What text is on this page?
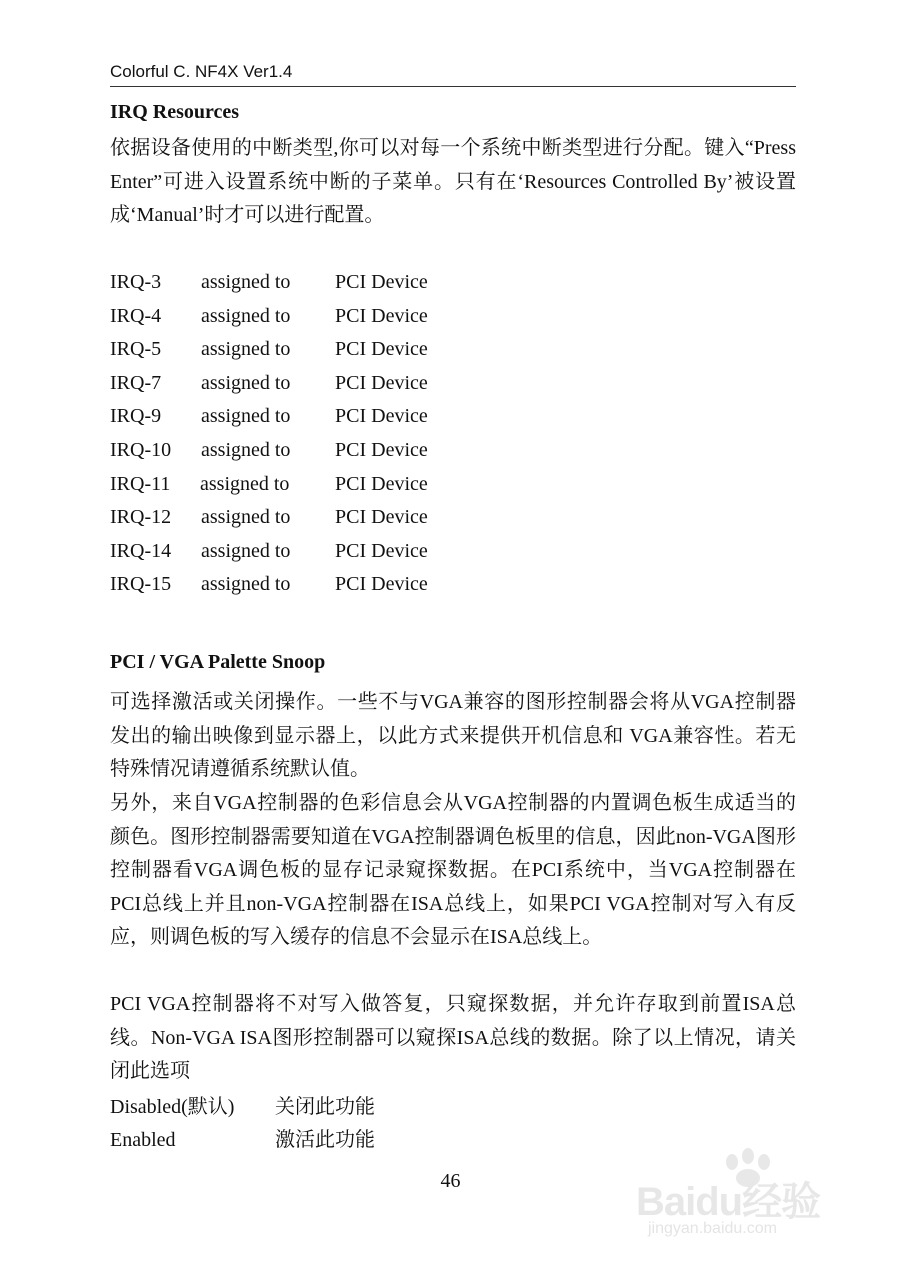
Colorful C. NF4X Ver1.4
IRQ Resources
依据设备使用的中断类型,你可以对每一个系统中断类型进行分配。键入“Press Enter”可进入设置系统中断的子菜单。只有在‘Resources Controlled By’被设置成‘Manual’时才可以进行配置。
IRQ-3 assigned to PCI Device
IRQ-4 assigned to PCI Device
IRQ-5 assigned to PCI Device
IRQ-7 assigned to PCI Device
IRQ-9 assigned to PCI Device
IRQ-10 assigned to PCI Device
IRQ-11 assigned to PCI Device
IRQ-12 assigned to PCI Device
IRQ-14 assigned to PCI Device
IRQ-15 assigned to PCI Device
PCI / VGA Palette Snoop
可选择激活或关闭操作。一些不与VGA兼容的图形控制器会将从VGA控制器发出的输出映像到显示器上，以此方式来提供开机信息和 VGA兼容性。若无特殊情况请遵循系统默认值。
另外，来自VGA控制器的色彩信息会从VGA控制器的内置调色板生成适当的颜色。图形控制器需要知道在VGA控制器调色板里的信息，因此non-VGA图形控制器看VGA调色板的显存记录窥探数据。在PCI系统中，当VGA控制器在PCI总线上并且non-VGA控制器在ISA总线上，如果PCI VGA控制对写入有反应，则调色板的写入缓存的信息不会显示在ISA总线上。
PCI VGA控制器将不对写入做答复，只窥探数据，并允许存取到前置ISA总线。Non-VGA ISA图形控制器可以窥探ISA总线的数据。除了以上情况，请关闭此选项
Disabled(默认) 关闭此功能
Enabled	激活此功能
46	Baidu经验
jingyan.baidu.com
